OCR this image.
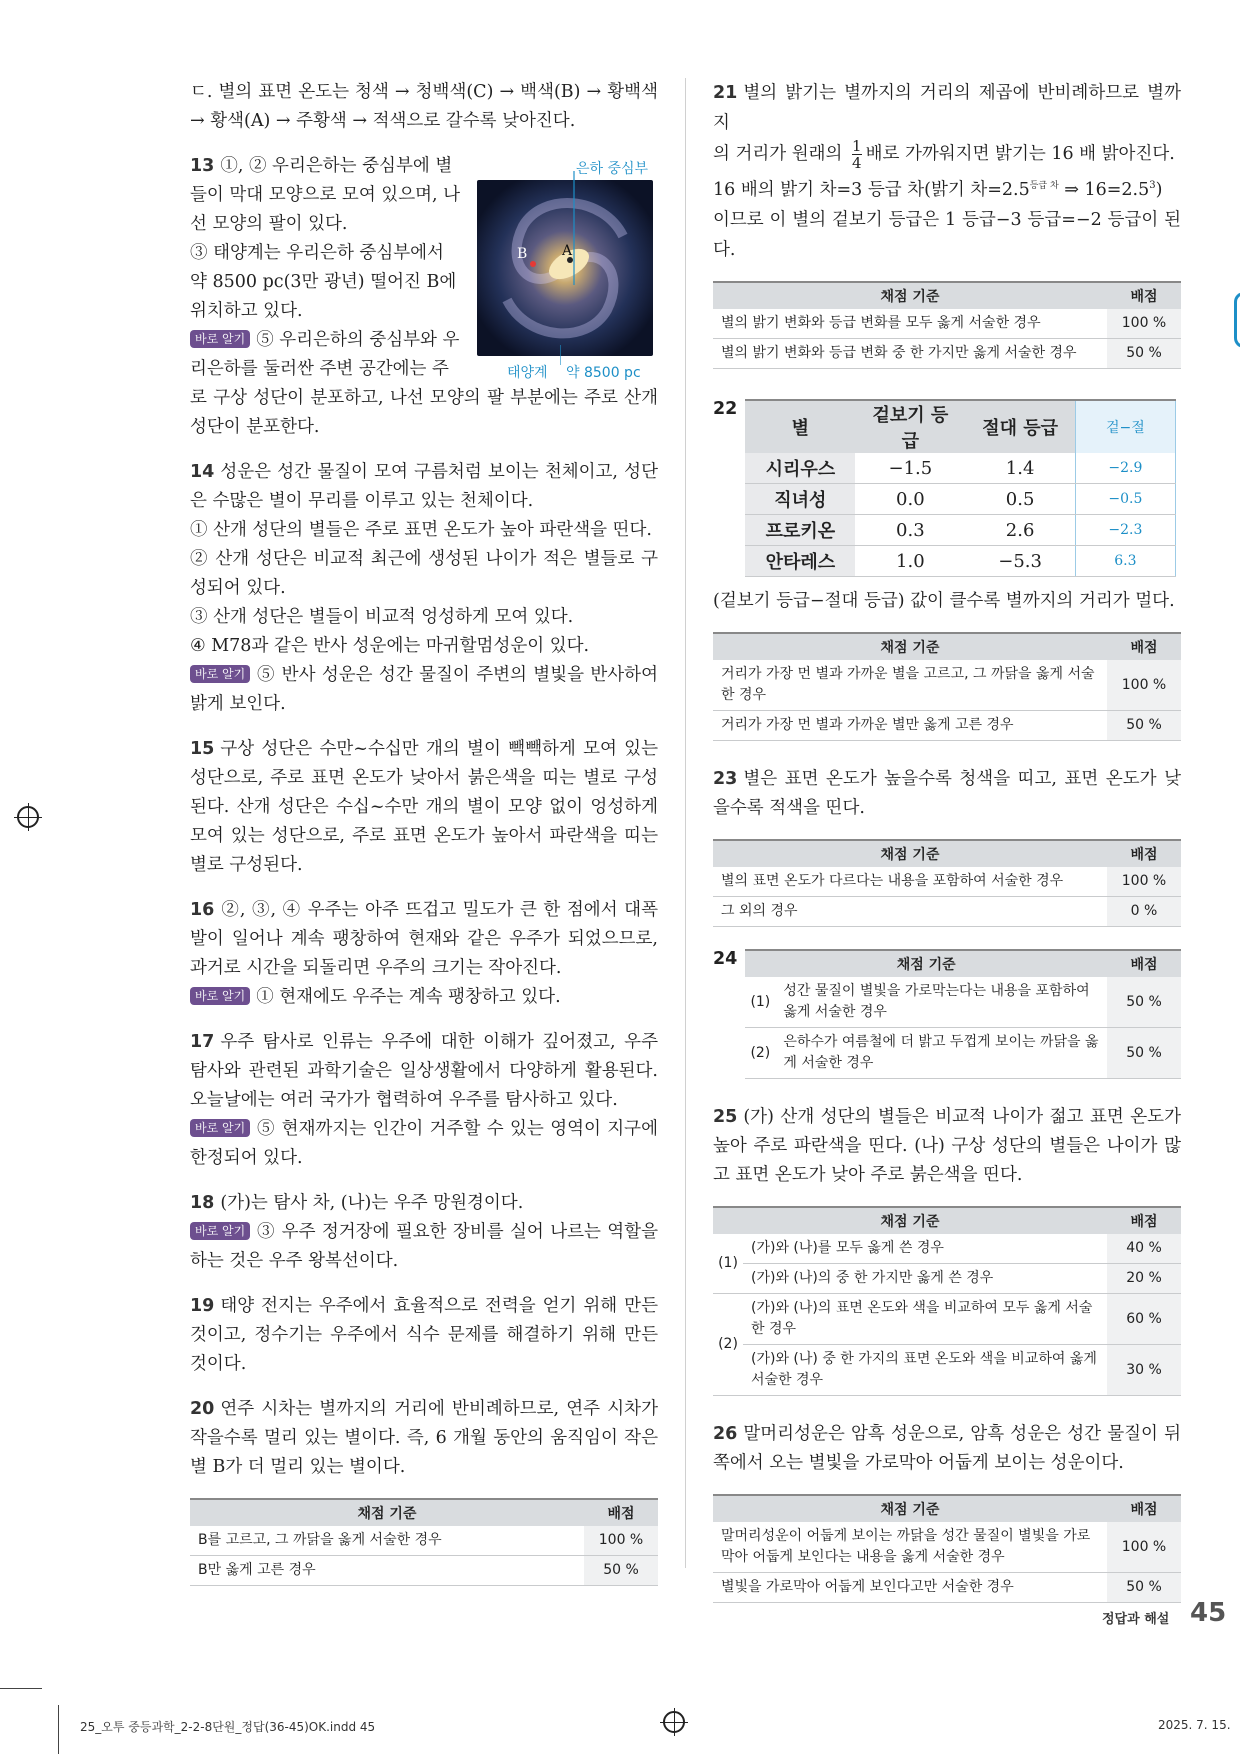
ㄷ. 별의 표면 온도는 청색 → 청백색(C) → 백색(B) → 황백색 → 황색(A) → 주황색 → 적색으로 갈수록 낮아진다.

13 ①, ② 우리은하는 중심부에 별
들이 막대 모양으로 모여 있으며, 나
선 모양의 팔이 있다.
③ 태양계는 우리은하 중심부에서
약 8500 pc(3만 광년) 떨어진 B에
위치하고 있다.
바로 알기 ⑤ 우리은하의 중심부와 우
리은하를 둘러싼 주변 공간에는 주

로 구상 성단이 분포하고, 나선 모양의 팔 부분에는 주로 산개 성단이 분포한다.

14 성운은 성간 물질이 모여 구름처럼 보이는 천체이고, 성단은 수많은 별이 무리를 이루고 있는 천체이다.
① 산개 성단의 별들은 주로 표면 온도가 높아 파란색을 띤다.
② 산개 성단은 비교적 최근에 생성된 나이가 적은 별들로 구성되어 있다.
③ 산개 성단은 별들이 비교적 엉성하게 모여 있다.
④ M78과 같은 반사 성운에는 마귀할멈성운이 있다.
바로 알기 ⑤ 반사 성운은 성간 물질이 주변의 별빛을 반사하여 밝게 보인다.

15 구상 성단은 수만~수십만 개의 별이 빽빽하게 모여 있는 성단으로, 주로 표면 온도가 낮아서 붉은색을 띠는 별로 구성된다. 산개 성단은 수십~수만 개의 별이 모양 없이 엉성하게 모여 있는 성단으로, 주로 표면 온도가 높아서 파란색을 띠는 별로 구성된다.

16 ②, ③, ④ 우주는 아주 뜨겁고 밀도가 큰 한 점에서 대폭발이 일어나 계속 팽창하여 현재와 같은 우주가 되었으므로, 과거로 시간을 되돌리면 우주의 크기는 작아진다.
바로 알기 ① 현재에도 우주는 계속 팽창하고 있다.

17 우주 탐사로 인류는 우주에 대한 이해가 깊어졌고, 우주 탐사와 관련된 과학기술은 일상생활에서 다양하게 활용된다. 오늘날에는 여러 국가가 협력하여 우주를 탐사하고 있다.
바로 알기 ⑤ 현재까지는 인간이 거주할 수 있는 영역이 지구에 한정되어 있다.

18 (가)는 탐사 차, (나)는 우주 망원경이다.
바로 알기 ③ 우주 정거장에 필요한 장비를 실어 나르는 역할을 하는 것은 우주 왕복선이다.

19 태양 전지는 우주에서 효율적으로 전력을 얻기 위해 만든 것이고, 정수기는 우주에서 식수 문제를 해결하기 위해 만든 것이다.

20 연주 시차는 별까지의 거리에 반비례하므로, 연주 시차가 작을수록 멀리 있는 별이다. 즉, 6 개월 동안의 움직임이 작은 별 B가 더 멀리 있는 별이다.

채점 기준	배점
B를 고르고, 그 까닭을 옳게 서술한 경우	100 %
B만 옳게 고른 경우	50 %
A
B
은하 중심부
태양계 약 8500 pc

21 별의 밝기는 별까지의 거리의 제곱에 반비례하므로 별까지
의 거리가 원래의 $\frac{1}{4}$ 배로 가까워지면 밝기는 16 배 밝아진다.
16 배의 밝기 차=3 등급 차(밝기 차$=2.5^{등급 차}$ ⇒ $16=2.5^3$)
이므로 이 별의 겉보기 등급은 1 등급−3 등급=−2 등급이 된다.

채점 기준	배점
별의 밝기 변화와 등급 변화를 모두 옳게 서술한 경우	100 %
별의 밝기 변화와 등급 변화 중 한 가지만 옳게 서술한 경우	50 %
22
별	겉보기 등급	절대 등급	겉−절
시리우스	−1.5	1.4	−2.9
직녀성	0.0	0.5	−0.5
프로키온	0.3	2.6	−2.3
안타레스	1.0	−5.3	6.3

(겉보기 등급−절대 등급) 값이 클수록 별까지의 거리가 멀다.

채점 기준	배점
거리가 가장 먼 별과 가까운 별을 고르고, 그 까닭을 옳게 서술한 경우	100 %
거리가 가장 먼 별과 가까운 별만 옳게 고른 경우	50 %

23 별은 표면 온도가 높을수록 청색을 띠고, 표면 온도가 낮을수록 적색을 띤다.

채점 기준	배점
별의 표면 온도가 다르다는 내용을 포함하여 서술한 경우	100 %
그 외의 경우	0 %
24	채점 기준		배점
(1)	성간 물질이 별빛을 가로막는다는 내용을 포함하여 옳게 서술한 경우	50 %
(2)	은하수가 여름철에 더 밝고 두껍게 보이는 까닭을 옳게 서술한 경우	50 %

25 (가) 산개 성단의 별들은 비교적 나이가 젊고 표면 온도가 높아 주로 파란색을 띤다. (나) 구상 성단의 별들은 나이가 많고 표면 온도가 낮아 주로 붉은색을 띤다.

채점 기준		배점
(1)	(가)와 (나)를 모두 옳게 쓴 경우	40 %
	(가)와 (나)의 중 한 가지만 옳게 쓴 경우	20 %
(2)	(가)와 (나)의 표면 온도와 색을 비교하여 모두 옳게 서술한 경우	60 %
	(가)와 (나) 중 한 가지의 표면 온도와 색을 비교하여 옳게 서술한 경우	30 %

26 말머리성운은 암흑 성운으로, 암흑 성운은 성간 물질이 뒤쪽에서 오는 별빛을 가로막아 어둡게 보이는 성운이다.

채점 기준	배점
말머리성운이 어둡게 보이는 까닭을 성간 물질이 별빛을 가로막아 어둡게 보인다는 내용을 옳게 서술한 경우	100 %
별빛을 가로막아 어둡게 보인다고만 서술한 경우	50 %
정답과 해설 45
25_오투 중등과학_2-2-8단원_정답(36-45)OK.indd 45	2025. 7. 15.
